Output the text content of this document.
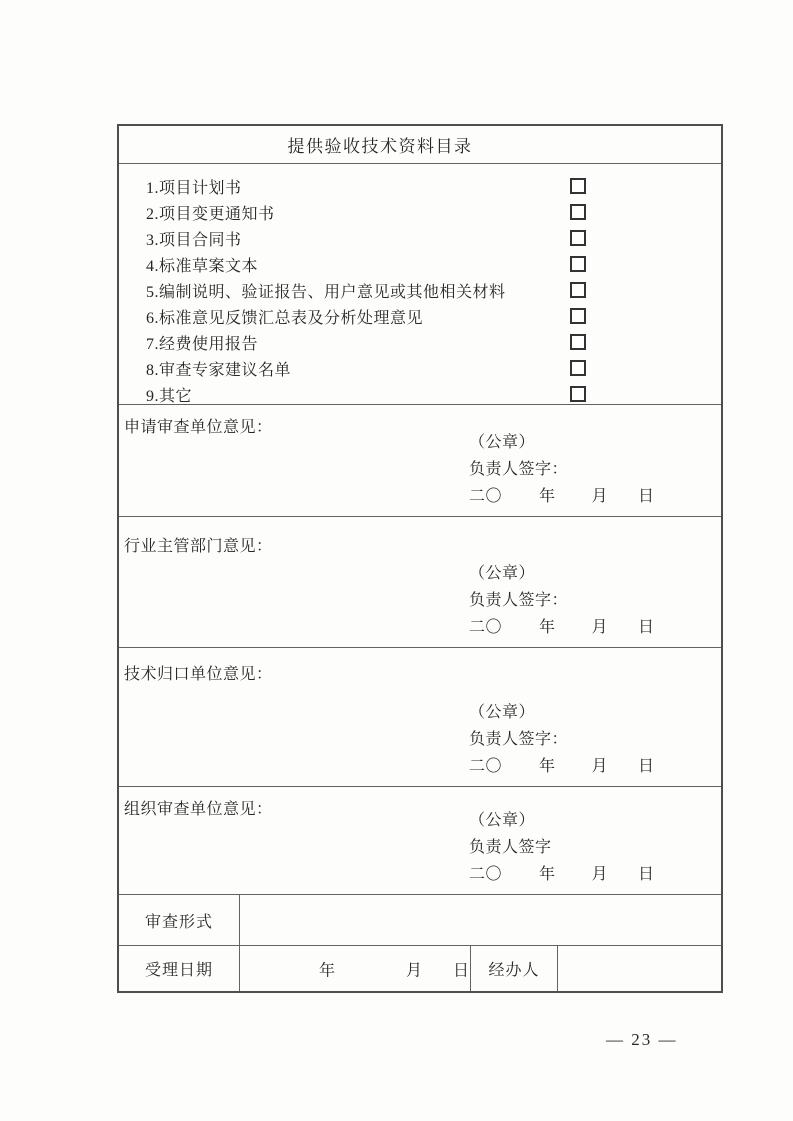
提供验收技术资料目录
1.项目计划书
2.项目变更通知书
3.项目合同书
4.标准草案文本
5.编制说明、验证报告、用户意见或其他相关材料
6.标准意见反馈汇总表及分析处理意见
7.经费使用报告
8.审查专家建议名单
9.其它
申请审查单位意见：
（公章）
负责人签字：
二〇 年 月 日
行业主管部门意见：
（公章）
负责人签字：
二〇 年 月 日
技术归口单位意见：
（公章）
负责人签字：
二〇 年 月 日
组织审查单位意见：
（公章）
负责人签字
二〇 年 月 日
审查形式
受理日期	年	月 日 经办人
— 23 —
